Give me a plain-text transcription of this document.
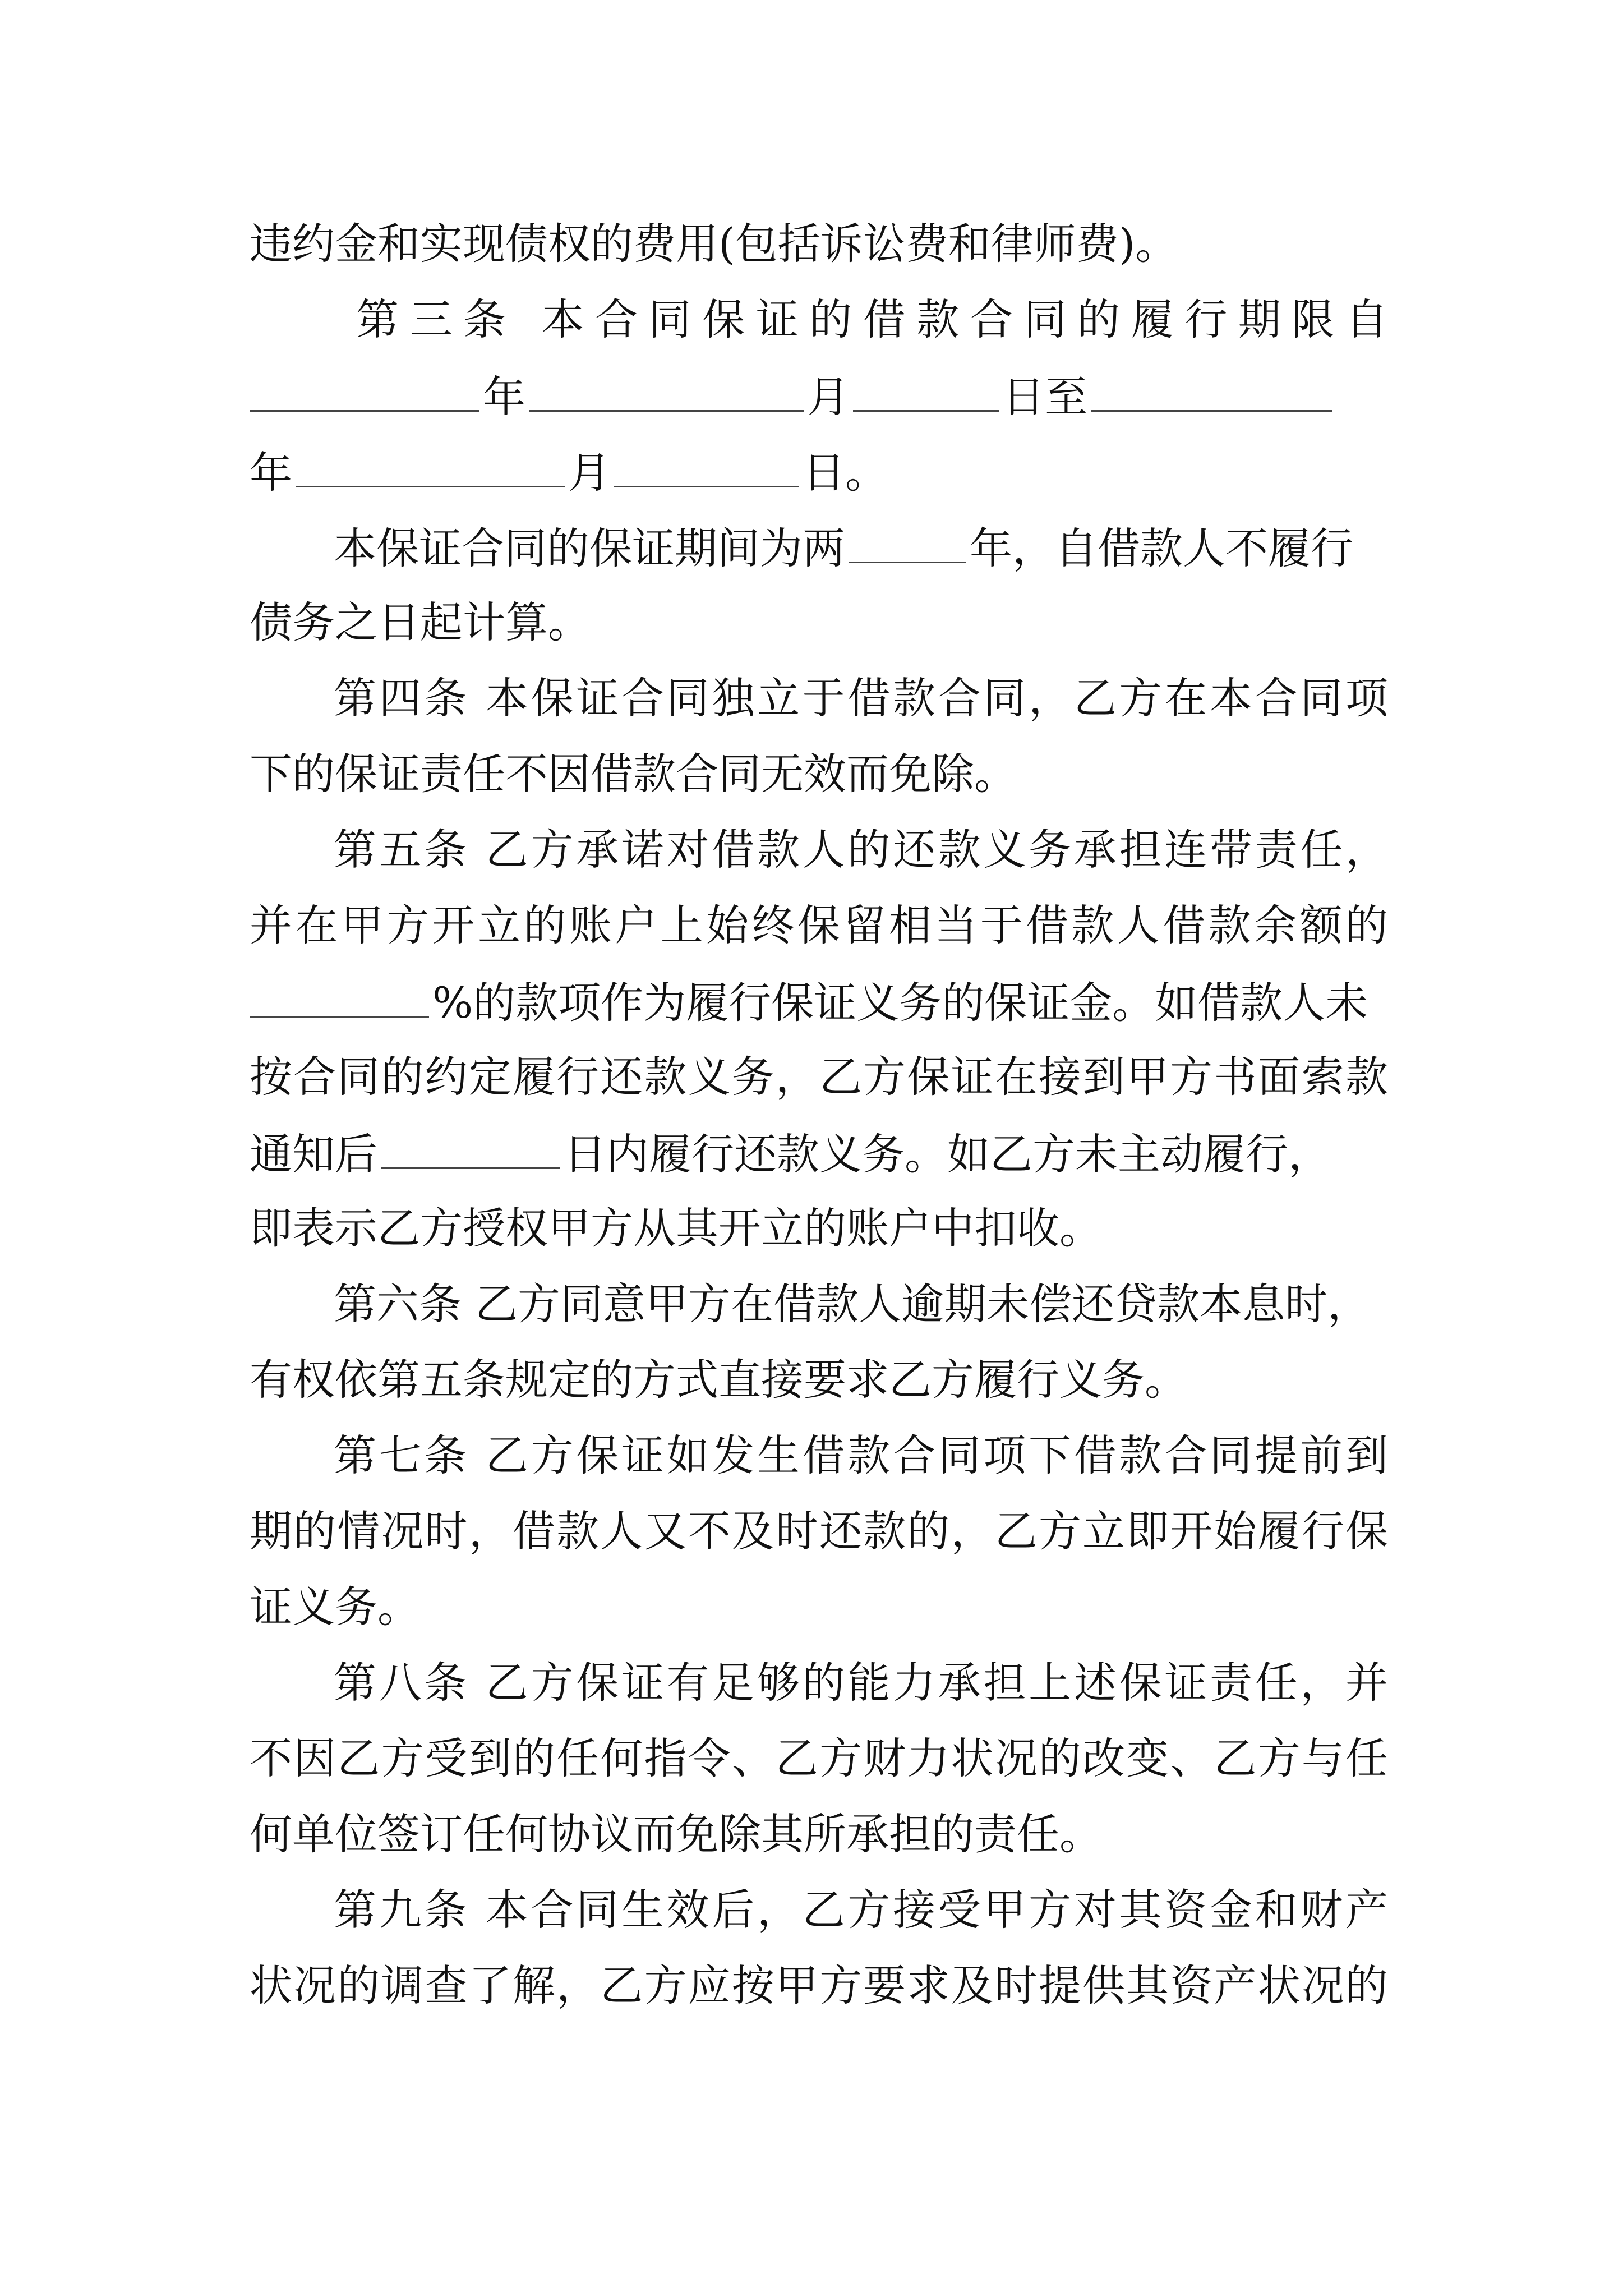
违约金和实现债权的费用(包括诉讼费和律师费)。
第三条 本合同保证的借款合同的履行期限自
年	月	日至
年	月	日。
本保证合同的保证期间为两	年，自借款人不履行
债务之日起计算。
第四条 本保证合同独立于借款合同，乙方在本合同项
下的保证责任不因借款合同无效而免除。
第五条 乙方承诺对借款人的还款义务承担连带责任，
并在甲方开立的账户上始终保留相当于借款人借款余额的
%的款项作为履行保证义务的保证金。如借款人未
按合同的约定履行还款义务，乙方保证在接到甲方书面索款
通知后	日内履行还款义务。如乙方未主动履行，
即表示乙方授权甲方从其开立的账户中扣收。
第六条 乙方同意甲方在借款人逾期未偿还贷款本息时，
有权依第五条规定的方式直接要求乙方履行义务。
第七条 乙方保证如发生借款合同项下借款合同提前到
期的情况时，借款人又不及时还款的，乙方立即开始履行保
证义务。
第八条 乙方保证有足够的能力承担上述保证责任，并
不因乙方受到的任何指令、乙方财力状况的改变、乙方与任
何单位签订任何协议而免除其所承担的责任。
第九条 本合同生效后，乙方接受甲方对其资金和财产
状况的调查了解，乙方应按甲方要求及时提供其资产状况的
